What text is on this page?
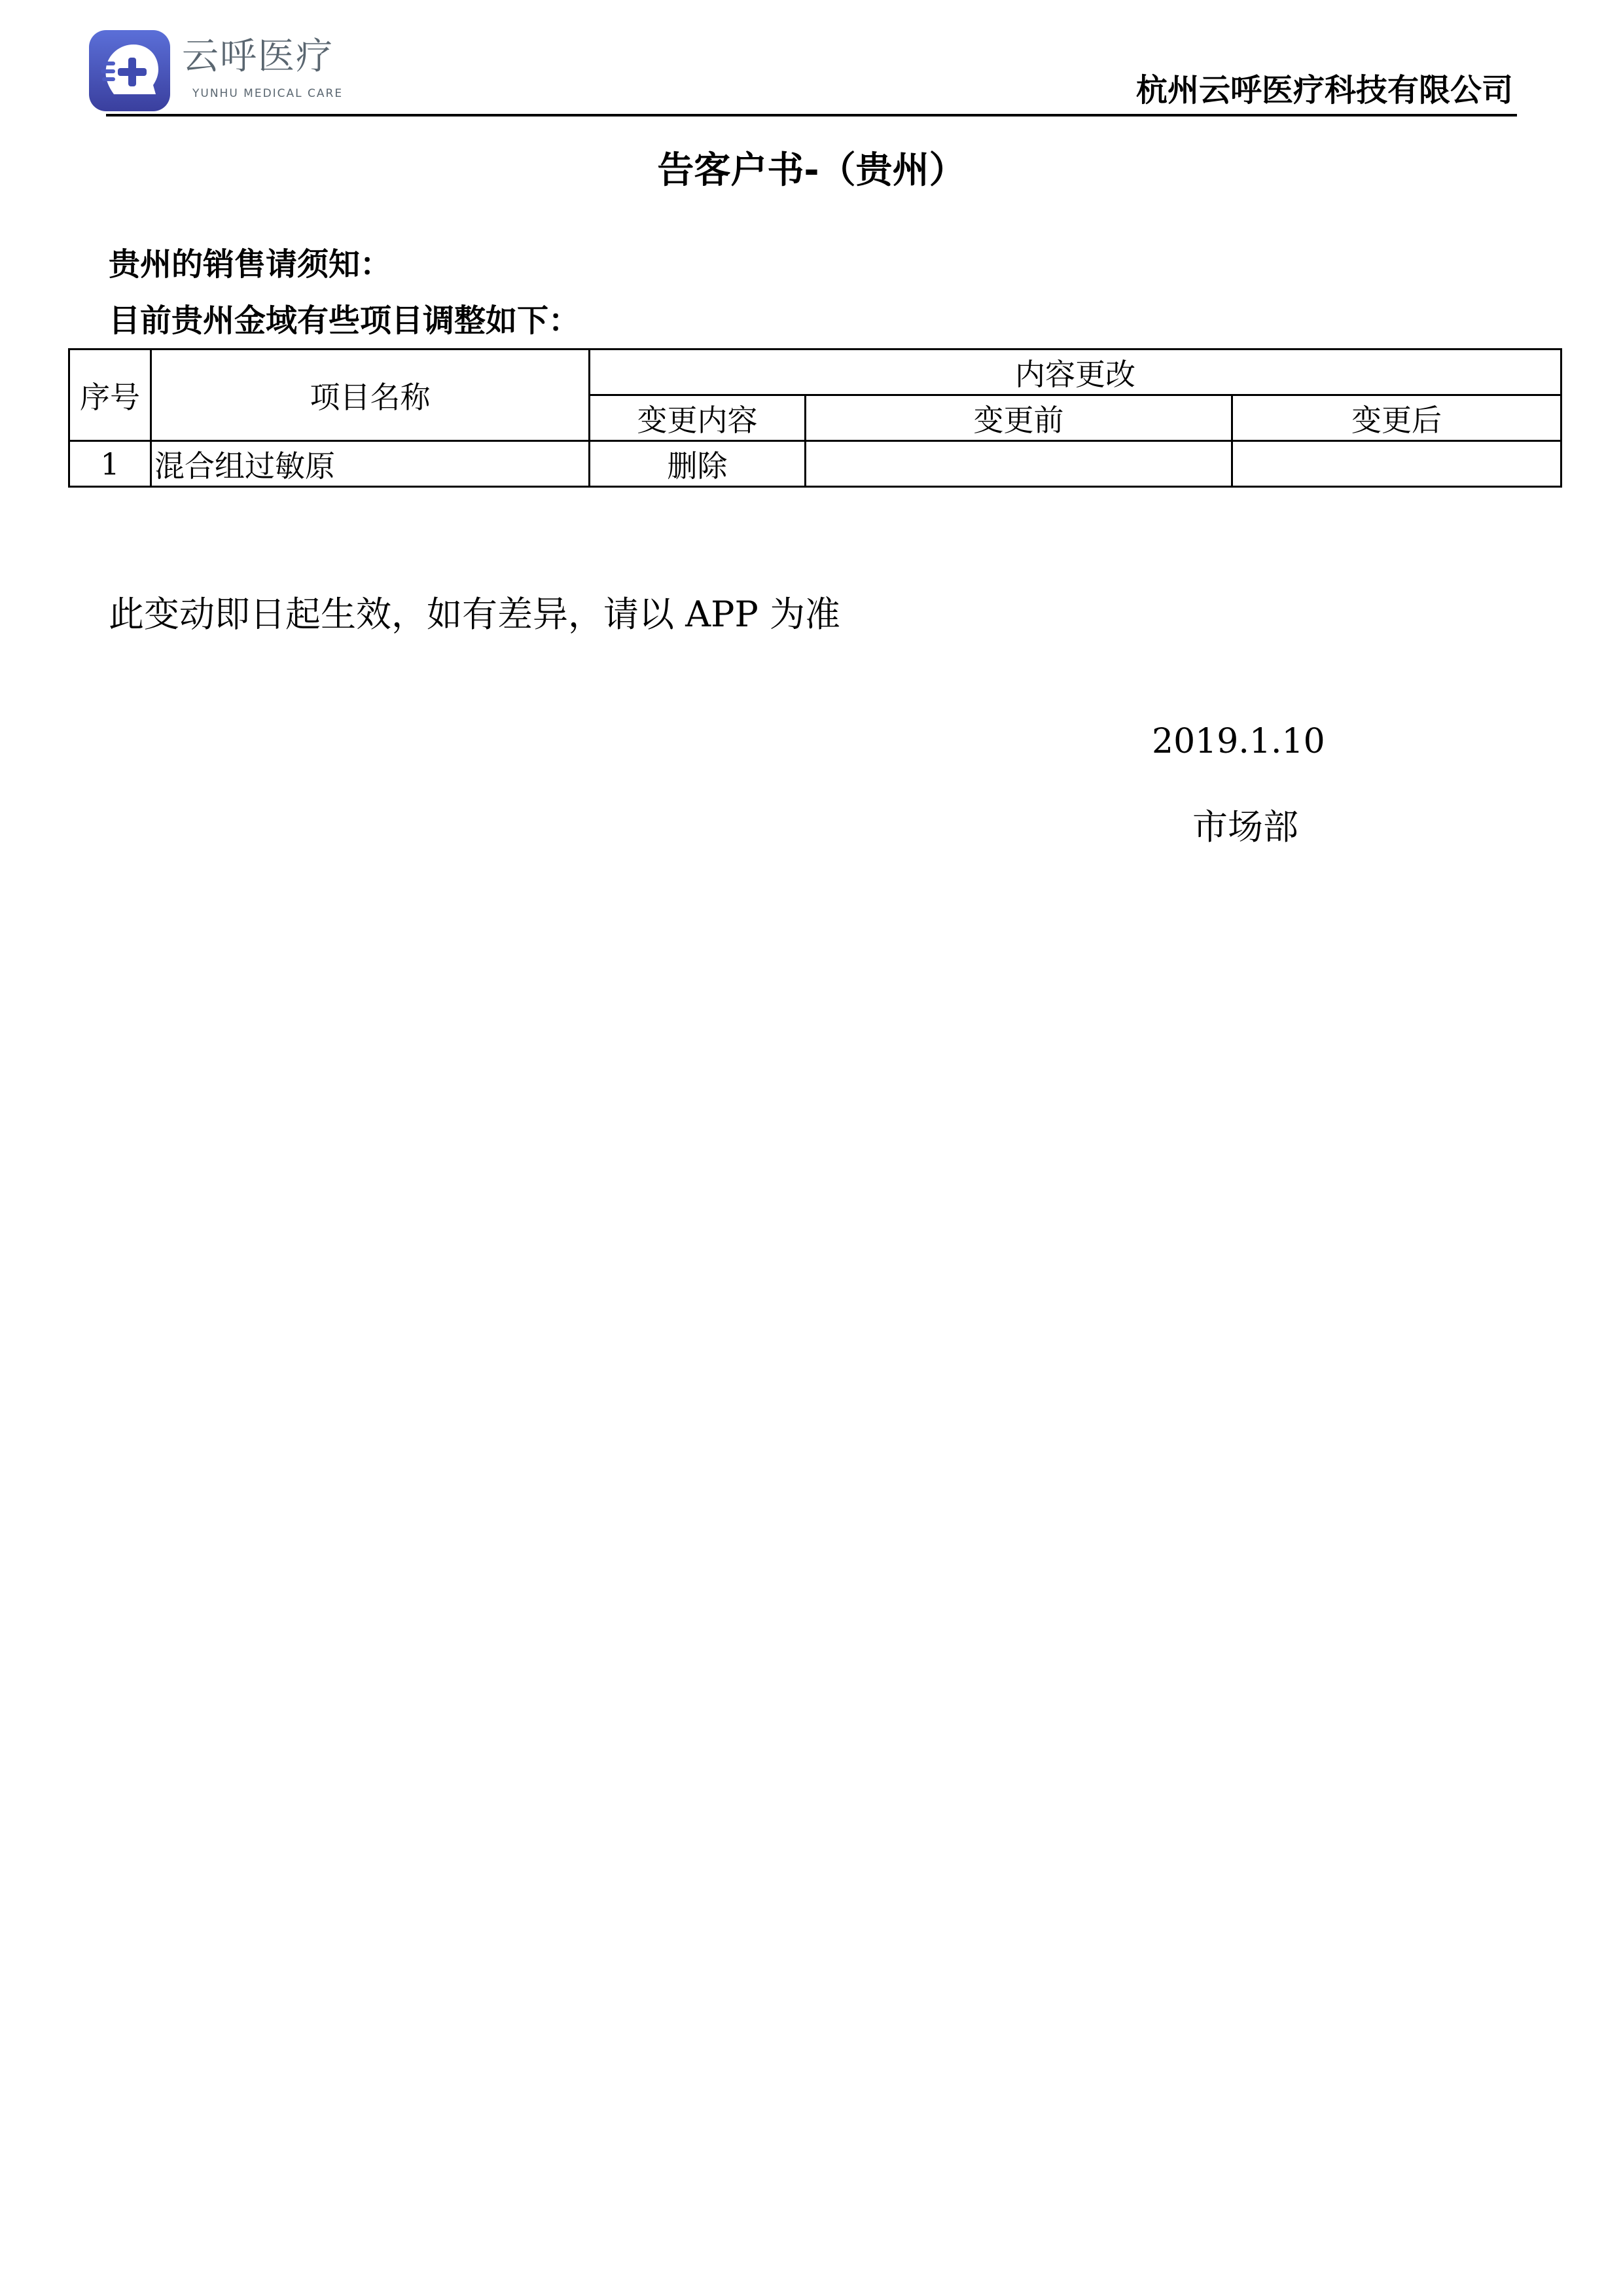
云呼医疗
YUNHU MEDICAL CARE	杭州云呼医疗科技有限公司
告客户书-（贵州）
贵州的销售请须知：
目前贵州金域有些项目调整如下：
序号	项目名称	内容更改		
		变更内容	变更前	变更后
1	混合组过敏原	删除		
此变动即日起生效，如有差异，请以 APP 为准
2019.1.10
市场部
